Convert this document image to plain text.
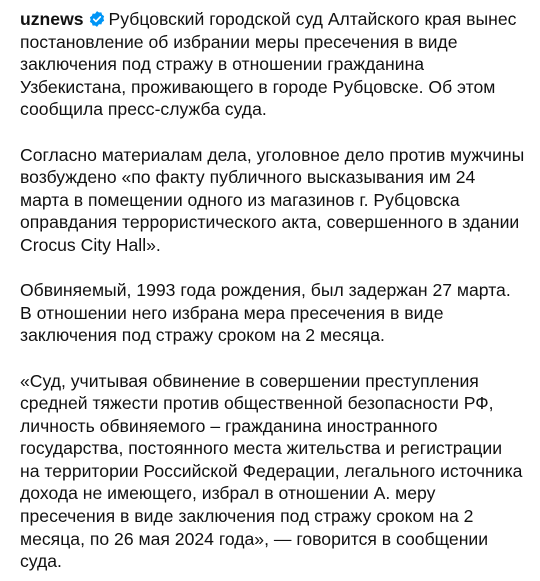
uznews Рубцовский городской суд Алтайского края вынес постановление об избрании меры пресечения в виде заключения под стражу в отношении гражданина Узбекистана, проживающего в городе Рубцовске. Об этом сообщила пресс-служба суда.

Согласно материалам дела, уголовное дело против мужчины возбуждено «по факту публичного высказывания им 24 марта в помещении одного из магазинов г. Рубцовска оправдания террористического акта, совершенного в здании Crocus City Hall».

Обвиняемый, 1993 года рождения, был задержан 27 марта. В отношении него избрана мера пресечения в виде заключения под стражу сроком на 2 месяца.

«Суд, учитывая обвинение в совершении преступления средней тяжести против общественной безопасности РФ, личность обвиняемого – гражданина иностранного государства, постоянного места жительства и регистрации на территории Российской Федерации, легального источника дохода не имеющего, избрал в отношении А. меру пресечения в виде заключения под стражу сроком на 2 месяца, по 26 мая 2024 года», — говорится в сообщении суда.
